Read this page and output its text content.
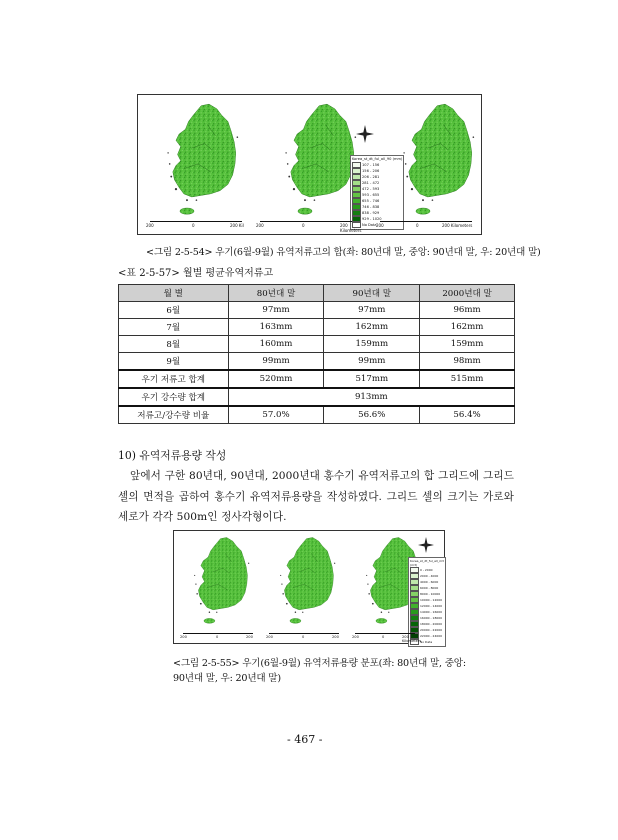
Korea_st_dt_ful_all_90 (mm)
107 - 156
156 - 206
206 - 281
281 - 472
472 - 593
593 - 655
655 - 746
746 - 838
838 - 929
929 - 1020
No Data
200	0	200 Kil	200	0	200 Kilometers
200	0	200 Kilometers
<그림 2-5-54> 우기(6월-9월) 유역저류고의 합(좌: 80년대 말, 중앙: 90년대 말, 우: 20년대 말)
<표 2-5-57> 월별 평균유역저류고
월 별	80년대 말	90년대 말	2000년대 말
6월	97mm	97mm	96mm
7월	163mm	162mm	162mm
8월	160mm	159mm	159mm
9월	99mm	99mm	98mm
우기 저류고 합계	520mm	517mm	515mm
우기 강수량 합계	913mm		
저류고/강수량 비율	57.0%	56.6%	56.4%
10) 유역저류용량 작성
앞에서 구한 80년대, 90년대, 2000년대 홍수기 유역저류고의 합 그리드에 그리드 셀의 면적을 곱하여 홍수기 유역저류용량을 작성하였다. 그리드 셀의 크기는 가로와 세로가 각각 500m인 정사각형이다.
Korea_st_dt_ful_all_m3 (m3)
0 - 2000
2000 - 4000
4000 - 6000
6000 - 8000
8000 - 10000
10000 - 12000
12000 - 14000
14000 - 16000
16000 - 18000
18000 - 20000
20000 - 22000
22000 - 24000
No Data
200	0	200	200	0	200	200	0	200 Kilometers
<그림 2-5-55> 우기(6월-9월) 유역저류용량 분포(좌: 80년대 말, 중앙:
90년대 말, 우: 20년대 말)
- 467 -
